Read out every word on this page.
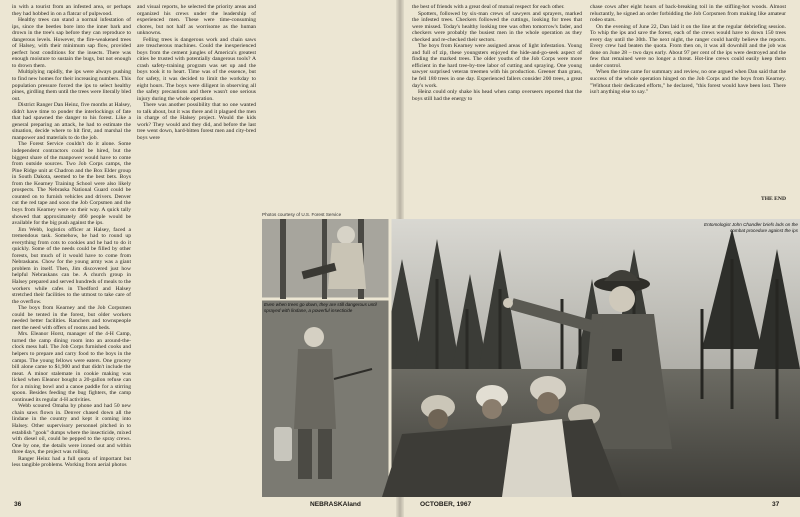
in with a tourist from an infested area, or perhaps they had hobbed in on a flatcar of pulpwood.

Healthy trees can stand a normal infestation of ips, since the beetles bore into the inner bark and drown in the tree's sap before they can reproduce to dangerous levels. However, the fire-weakened trees of Halsey, with their minimum sap flow, provided perfect host conditions for the insects. There was enough moisture to sustain the bugs, but not enough to drown them.

Multiplying rapidly, the ips were always pushing to find new homes for their increasing numbers. This population pressure forced the ips to select healthy pines, girdling them until the trees were literally bled out.

District Ranger Dan Heinz, five months at Halsey, didn't have time to ponder the interlockings of fate that had spawned the danger to his forest. Like a general preparing an attack, he had to estimate the situation, decide where to hit first, and marshal the manpower and materials to do the job.

The Forest Service couldn't do it alone. Some independent contractors could be hired, but the biggest share of the manpower would have to come from outside sources. Two Job Corps camps, the Pine Ridge unit at Chadron and the Box Elder group in South Dakota, seemed to be the best bets. Boys from the Kearney Training School were also likely prospects. The Nebraska National Guard could be counted on to furnish vehicles and drivers. Denver cut the red tape and soon the Job Corpsmen and the boys from Kearney were on their way. A quick tally showed that approximately 460 people would be available for the big push against the ips.

Jim Webb, logistics officer at Halsey, faced a tremendous task. Somehow, he had to round up everything from cots to cookies and he had to do it quickly. Some of the needs could be filled by other forests, but much of it would have to come from Nebraskans. Chow for the young army was a giant problem in itself. Then, Jim discovered just how helpful Nebraskans can be. A church group in Halsey prepared and served hundreds of meals to the workers while cafes in Thedford and Halsey stretched their facilities to the utmost to take care of the overflow.

The boys from Kearney and the Job Corpsmen could be tented in the forest, but older workers needed better facilities. Ranchers and townspeople met the need with offers of rooms and beds.

Mrs. Eleanor Horst, manager of the 4-H Camp, turned the camp dining room into an around-the-clock mess hall. The Job Corps furnished cooks and helpers to prepare and carry food to the boys in the camps. The young fellows were eaters. One grocery bill alone came to $1,900 and that didn't include the meat. A minor stalemate in cookie making was licked when Eleanor bought a 20-gallon refuse can for a mixing bowl and a canoe paddle for a stirring spoon. Besides feeding the bug fighters, the camp continued its regular 4-H activities.

Webb scoured Omaha by phone and had 50 new chain saws flown in. Denver chased down all the lindane in the country and kept it coming into Halsey. Other supervisory personnel pitched in to establish "gook" dumps where the insecticide, mixed with diesel oil, could be pepped to the spray crews. One by one, the details were ironed out and within three days, the project was rolling.

Ranger Heinz had a full quota of important but less tangible problems. Working from aerial photos

and visual reports, he selected the priority areas and organized his crews under the leadership of experienced men. These were time-consuming chores, but not half as worrisome as the human unknowns.

Felling trees is dangerous work and chain saws are treacherous machines. Could the inexperienced boys from the cement jungles of America's greatest cities be trusted with potentially dangerous tools? A crash safety-training program was set up and the boys took it to heart. Time was of the essence, but for safety, it was decided to limit the workday to eight hours. The boys were diligent in observing all the safety precautions and there wasn't one serious injury during the whole operation.

There was another possibility that no one wanted to talk about, but it was there and it plagued the men in charge of the Halsey project. Would the kids work? They would and they did, and before the last tree went down, hard-bitten forest men and city-bred boys were

the best of friends with a great deal of mutual respect for each other.

Spotters, followed by six-man crews of sawyers and sprayers, marked the infested trees. Checkers followed the cuttings, looking for trees that were missed. Today's healthy looking tree was often tomorrow's fader, and checkers were probably the busiest men in the whole operation as they checked and re-checked their sectors.

The boys from Kearney were assigned areas of light infestation. Young and full of zip, these youngsters enjoyed the hide-and-go-seek aspect of finding the marked trees. The older youths of the Job Corps were more efficient in the hard tree-by-tree labor of cutting and spraying. One young sawyer surprised veteran treemen with his production. Greener than grass, he fell 180 trees in one day. Experienced fallers consider 200 trees, a great day's work.

Heinz could only shake his head when camp overseers reported that the boys still had the energy to

chase cows after eight hours of back-breaking toil in the stifling-hot woods. Almost reluctantly, he signed an order forbidding the Job Corpsmen from making like amateur rodeo stars.

On the evening of June 22, Dan laid it on the line at the regular debriefing session. To whip the ips and save the forest, each of the crews would have to down 150 trees every day until the 30th. The next night, the ranger could hardly believe the reports. Every crew had beaten the quota. From then on, it was all downhill and the job was done on June 28 – two days early. About 97 per cent of the ips were destroyed and the few that remained were no longer a threat. Hot-line crews could easily keep them under control.

When the time came for summary and review, no one argued when Dan said that the success of the whole operation hinged on the Job Corps and the boys from Kearney. "Without their dedicated efforts," he declared, "this forest would have been lost. There isn't anything else to say."

THE END
Photos courtesy of U.S. Forest Service
Even when trees go down, they are still dangerous until sprayed with lindane, a powerful insecticide
Entomologist John Chandler briefs lads on the combat procedure against the ips
36	NEBRASKAland	OCTOBER, 1967	37
